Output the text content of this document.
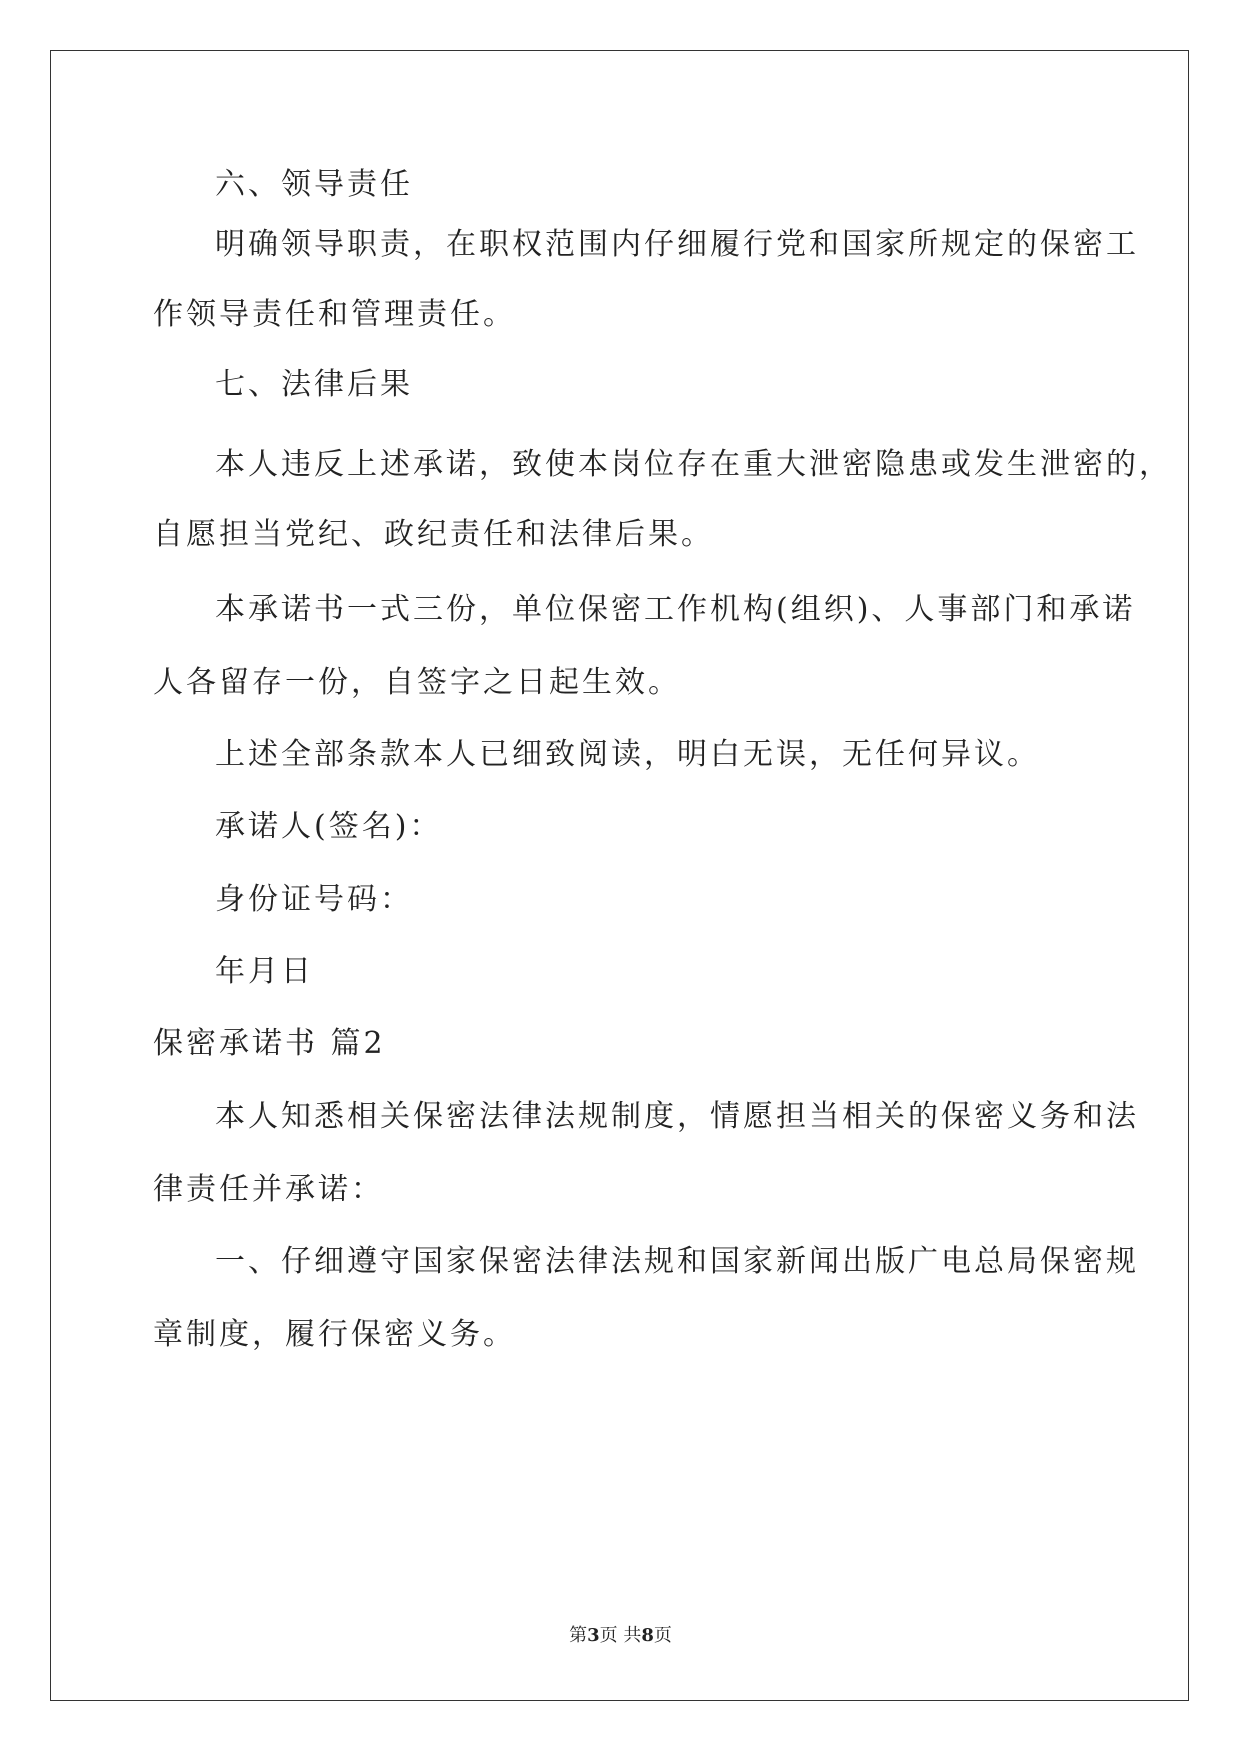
六、领导责任
明确领导职责，在职权范围内仔细履行党和国家所规定的保密工
作领导责任和管理责任。
七、法律后果
本人违反上述承诺，致使本岗位存在重大泄密隐患或发生泄密的，
自愿担当党纪、政纪责任和法律后果。
本承诺书一式三份，单位保密工作机构(组织)、人事部门和承诺
人各留存一份，自签字之日起生效。
上述全部条款本人已细致阅读，明白无误，无任何异议。
承诺人(签名)：
身份证号码：
年月日
保密承诺书 篇2
本人知悉相关保密法律法规制度，情愿担当相关的保密义务和法
律责任并承诺：
一、仔细遵守国家保密法律法规和国家新闻出版广电总局保密规
章制度，履行保密义务。
第3页 共8页
